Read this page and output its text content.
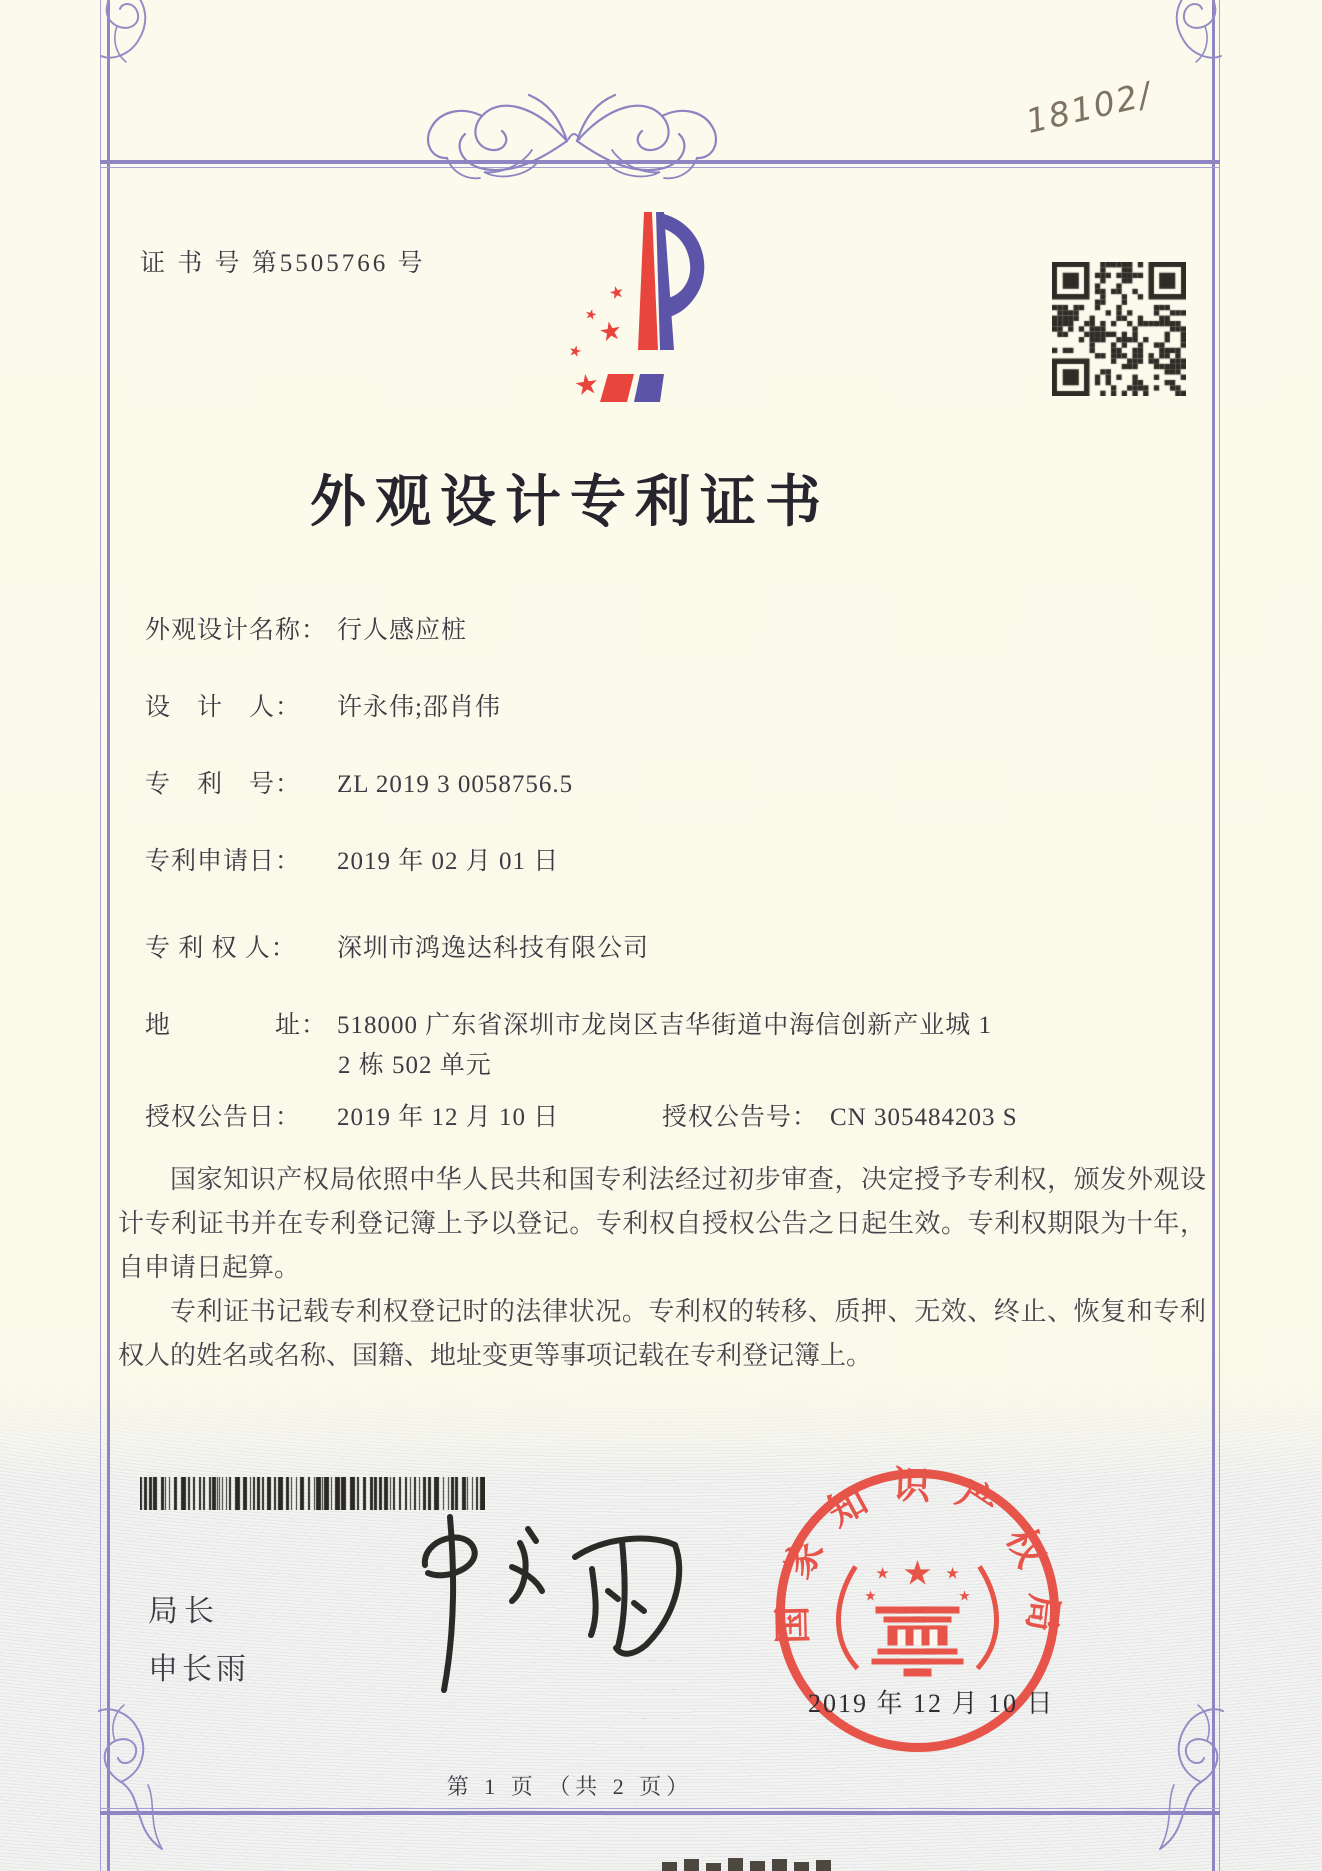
18102/
证 书 号 第5505766 号
★
★
★
★
★
外观设计专利证书
外观设计名称： 行人感应桩
设　计　人： 许永伟;邵肖伟
专　利　号： ZL 2019 3 0058756.5
专利申请日： 2019 年 02 月 01 日
专 利 权 人： 深圳市鸿逸达科技有限公司
地　　　　址： 518000 广东省深圳市龙岗区吉华街道中海信创新产业城 1
2 栋 502 单元
授权公告日： 2019 年 12 月 10 日	授权公告号： CN 305484203 S

国家知识产权局依照中华人民共和国专利法经过初步审查，决定授予专利权，颁发外观设计专利证书并在专利登记簿上予以登记。专利权自授权公告之日起生效。专利权期限为十年，自申请日起算。

专利证书记载专利权登记时的法律状况。专利权的转移、质押、无效、终止、恢复和专利权人的姓名或名称、国籍、地址变更等事项记载在专利登记簿上。

局长
申长雨
国家知识产权局
★
★
★
★
★
2019 年 12 月 10 日
第 1 页 （共 2 页）
